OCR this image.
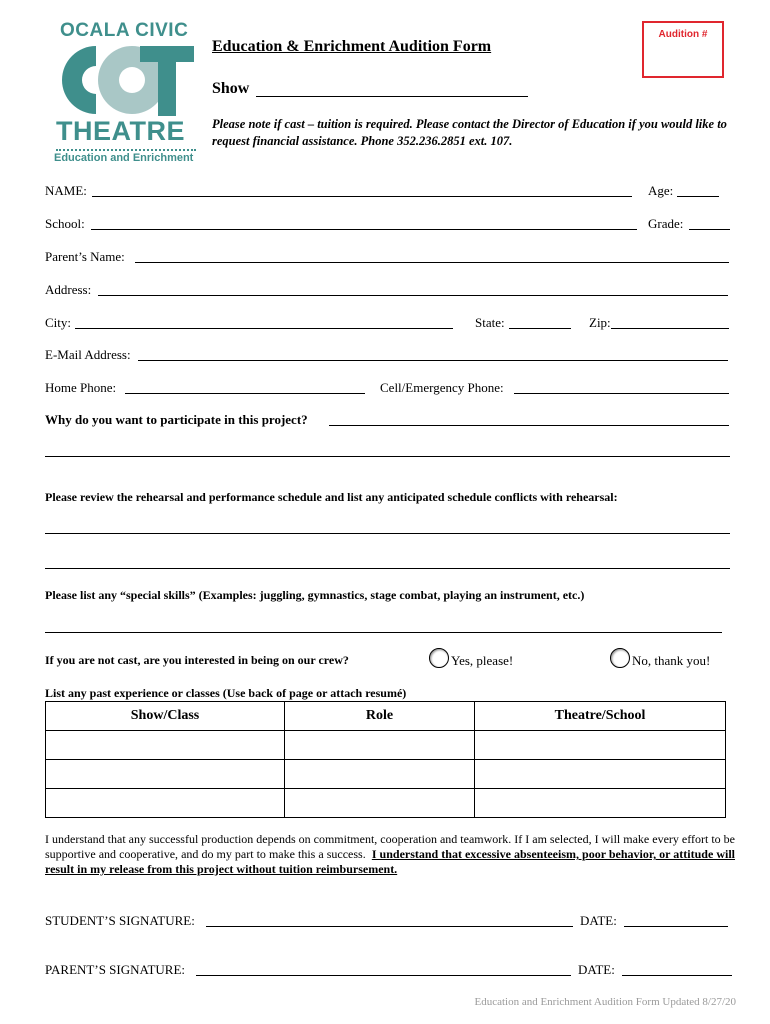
OCALA CIVIC
THEATRE
Education and Enrichment
Audition #
Education & Enrichment Audition Form
Show
Please note if cast – tuition is required. Please contact the Director of Education if you would like to request financial assistance. Phone 352.236.2851 ext. 107.
NAME:	Age:
School:	Grade:
Parent’s Name:
Address:
City:	State:	Zip:
E-Mail Address:
Home Phone:	Cell/Emergency Phone:
Why do you want to participate in this project?
Please review the rehearsal and performance schedule and list any anticipated schedule conflicts with rehearsal:
Please list any “special skills” (Examples: juggling, gymnastics, stage combat, playing an instrument, etc.)
If you are not cast, are you interested in being on our crew?	Yes, please!	No, thank you!
List any past experience or classes (Use back of page or attach resumé)
Show/Class	Role	Theatre/School

I understand that any successful production depends on commitment, cooperation and teamwork. If I am selected, I will make every effort to be supportive and cooperative, and do my part to make this a success. I understand that excessive absenteeism, poor behavior, or attitude will result in my release from this project without tuition reimbursement.
STUDENT’S SIGNATURE:	DATE:
PARENT’S SIGNATURE:	DATE:
Education and Enrichment Audition Form Updated 8/27/20
